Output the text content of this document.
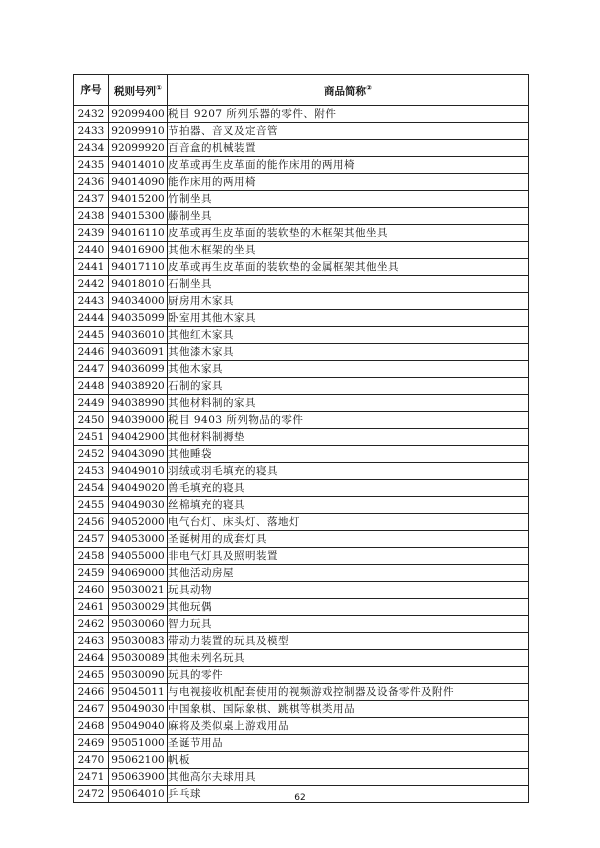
序号	税则号列①	商品简称②
2432	92099400	税目 9207 所列乐器的零件、附件
2433	92099910	节拍器、音叉及定音管
2434	92099920	百音盒的机械装置
2435	94014010	皮革或再生皮革面的能作床用的两用椅
2436	94014090	能作床用的两用椅
2437	94015200	竹制坐具
2438	94015300	藤制坐具
2439	94016110	皮革或再生皮革面的装软垫的木框架其他坐具
2440	94016900	其他木框架的坐具
2441	94017110	皮革或再生皮革面的装软垫的金属框架其他坐具
2442	94018010	石制坐具
2443	94034000	厨房用木家具
2444	94035099	卧室用其他木家具
2445	94036010	其他红木家具
2446	94036091	其他漆木家具
2447	94036099	其他木家具
2448	94038920	石制的家具
2449	94038990	其他材料制的家具
2450	94039000	税目 9403 所列物品的零件
2451	94042900	其他材料制褥垫
2452	94043090	其他睡袋
2453	94049010	羽绒或羽毛填充的寝具
2454	94049020	兽毛填充的寝具
2455	94049030	丝棉填充的寝具
2456	94052000	电气台灯、床头灯、落地灯
2457	94053000	圣诞树用的成套灯具
2458	94055000	非电气灯具及照明装置
2459	94069000	其他活动房屋
2460	95030021	玩具动物
2461	95030029	其他玩偶
2462	95030060	智力玩具
2463	95030083	带动力装置的玩具及模型
2464	95030089	其他未列名玩具
2465	95030090	玩具的零件
2466	95045011	与电视接收机配套使用的视频游戏控制器及设备零件及附件
2467	95049030	中国象棋、国际象棋、跳棋等棋类用品
2468	95049040	麻将及类似桌上游戏用品
2469	95051000	圣诞节用品
2470	95062100	帆板
2471	95063900	其他高尔夫球用具
2472	95064010	乒乓球	62
